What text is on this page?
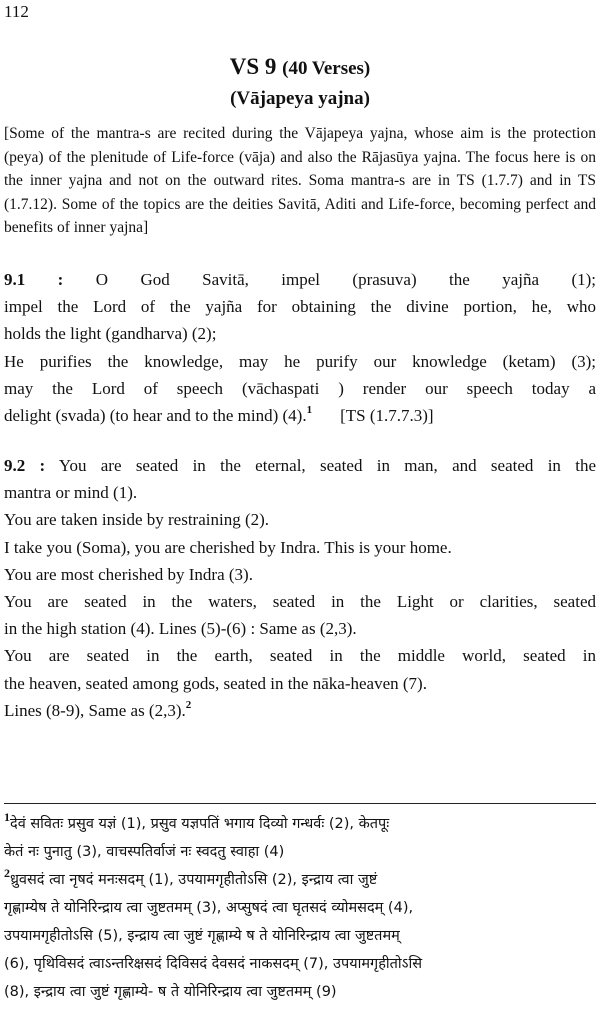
112
VS 9 (40 Verses)
(Vājapeya yajna)
[Some of the mantra-s are recited during the Vājapeya yajna, whose aim is the protection (peya) of the plenitude of Life-force (vāja) and also the Rājasūya yajna. The focus here is on the inner yajna and not on the outward rites. Soma mantra-s are in TS (1.7.7) and in TS (1.7.12). Some of the topics are the deities Savitā, Aditi and Life-force, becoming perfect and benefits of inner yajna]

9.1 : O God Savitā, impel (prasuva) the yajña (1);

impel the Lord of the yajña for obtaining the divine portion, he, who

holds the light (gandharva) (2);

He purifies the knowledge, may he purify our knowledge (ketam) (3);

may the Lord of speech (vāchaspati ) render our speech today a

delight (svada) (to hear and to the mind) (4).$^1$ [TS (1.7.7.3)]

9.2 : You are seated in the eternal, seated in man, and seated in the

mantra or mind (1).

You are taken inside by restraining (2).

I take you (Soma), you are cherished by Indra. This is your home.

You are most cherished by Indra (3).

You are seated in the waters, seated in the Light or clarities, seated

in the high station (4). Lines (5)-(6) : Same as (2,3).

You are seated in the earth, seated in the middle world, seated in

the heaven, seated among gods, seated in the nāka-heaven (7).

Lines (8-9), Same as (2,3).$^2$

$^1$देवं सवितः प्रसुव यज्ञं (1), प्रसुव यज्ञपतिं भगाय दिव्यो गन्धर्वः (2), केतपूः
केतं नः पुनातु (3), वाचस्पतिर्वाजं नः स्वदतु स्वाहा (4)
$^2$ध्रुवसदं त्वा नृषदं मनःसदम् (1), उपयामगृहीतोऽसि (2), इन्द्राय त्वा जुष्टं
गृह्णाम्येष ते योनिरिन्द्राय त्वा जुष्टतमम् (3), अप्सुषदं त्वा घृतसदं व्योमसदम् (4),
उपयामगृहीतोऽसि (5), इन्द्राय त्वा जुष्टं गृह्णाम्ये ष ते योनिरिन्द्राय त्वा जुष्टतमम्
(6), पृथिविसदं त्वाऽन्तरिक्षसदं दिविसदं देवसदं नाकसदम् (7), उपयामगृहीतोऽसि
(8), इन्द्राय त्वा जुष्टं गृह्णाम्ये- ष ते योनिरिन्द्राय त्वा जुष्टतमम् (9)
